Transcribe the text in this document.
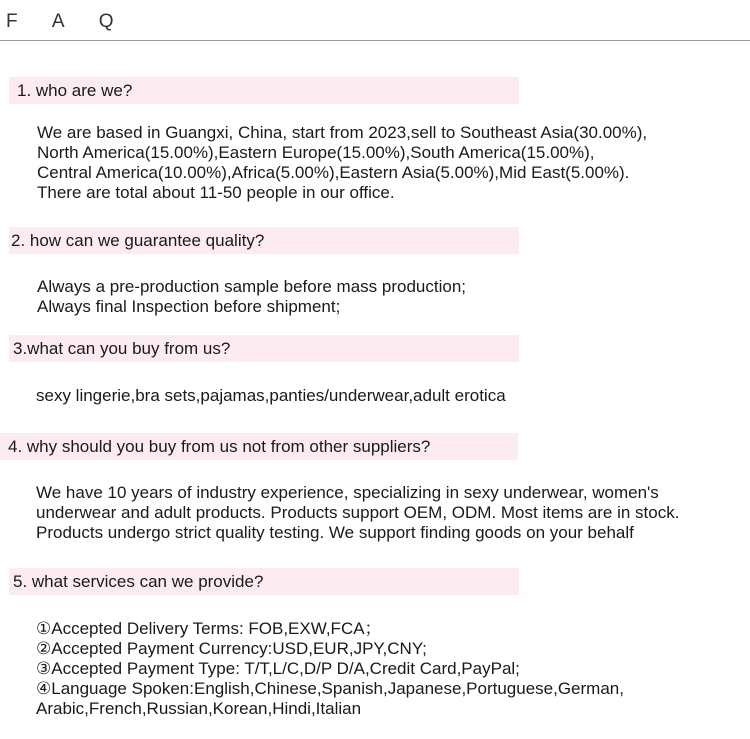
F A Q
1. who are we?
We are based in Guangxi, China, start from 2023,sell to Southeast Asia(30.00%),
North America(15.00%),Eastern Europe(15.00%),South America(15.00%),
Central America(10.00%),Africa(5.00%),Eastern Asia(5.00%),Mid East(5.00%).
There are total about 11-50 people in our office.
2. how can we guarantee quality?
Always a pre-production sample before mass production;
Always final Inspection before shipment;
3.what can you buy from us?
sexy lingerie,bra sets,pajamas,panties/underwear,adult erotica
4. why should you buy from us not from other suppliers?
We have 10 years of industry experience, specializing in sexy underwear, women's
underwear and adult products. Products support OEM, ODM. Most items are in stock.
Products undergo strict quality testing. We support finding goods on your behalf
5. what services can we provide?
①Accepted Delivery Terms: FOB,EXW,FCA；
②Accepted Payment Currency:USD,EUR,JPY,CNY;
③Accepted Payment Type: T/T,L/C,D/P D/A,Credit Card,PayPal;
④Language Spoken:English,Chinese,Spanish,Japanese,Portuguese,German,
Arabic,French,Russian,Korean,Hindi,Italian
